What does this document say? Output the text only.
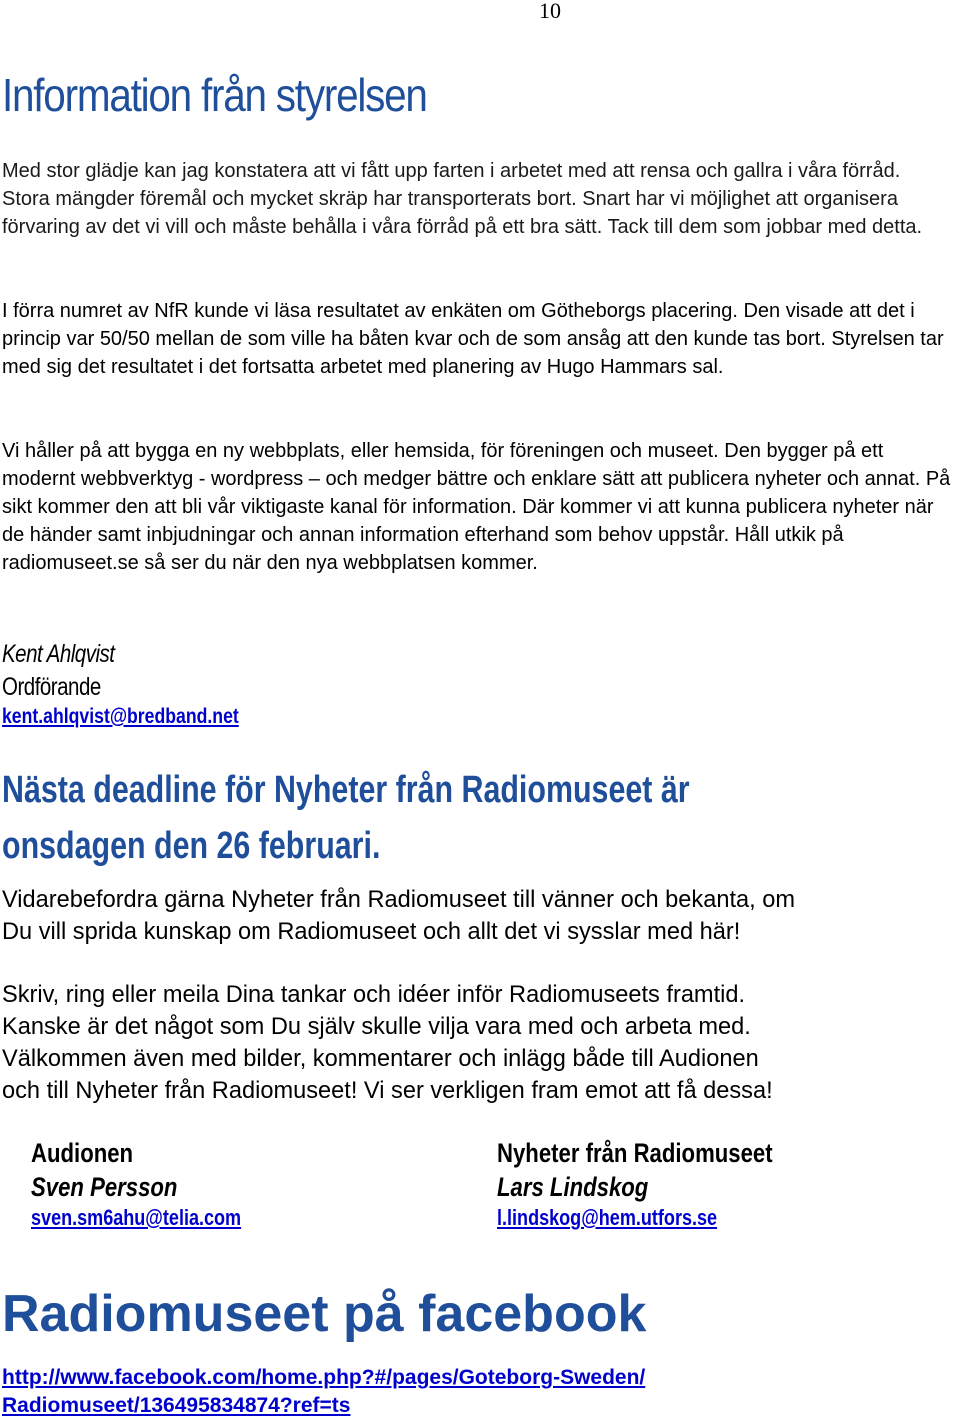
10
Information från styrelsen

Med stor glädje kan jag konstatera att vi fått upp farten i arbetet med att rensa och gallra i våra förråd. Stora mängder föremål och mycket skräp har transporterats bort. Snart har vi möjlighet att organisera förvaring av det vi vill och måste behålla i våra förråd på ett bra sätt. Tack till dem som jobbar med detta.

I förra numret av NfR kunde vi läsa resultatet av enkäten om Götheborgs placering. Den visade att det i princip var 50/50 mellan de som ville ha båten kvar och de som ansåg att den kunde tas bort. Styrelsen tar med sig det resultatet i det fortsatta arbetet med planering av Hugo Hammars sal.

Vi håller på att bygga en ny webbplats, eller hemsida, för föreningen och museet. Den bygger på ett modernt webbverktyg - wordpress – och medger bättre och enklare sätt att publicera nyheter och annat. På sikt kommer den att bli vår viktigaste kanal för information. Där kommer vi att kunna publicera nyheter när de händer samt inbjudningar och annan information efterhand som behov uppstår. Håll utkik på radiomuseet.se så ser du när den nya webbplatsen kommer.

Kent Ahlqvist
Ordförande
kent.ahlqvist@bredband.net
Nästa deadline för Nyheter från Radiomuseet är
onsdagen den 26 februari.

Vidarebefordra gärna Nyheter från Radiomuseet till vänner och bekanta, om
Du vill sprida kunskap om Radiomuseet och allt det vi sysslar med här!

Skriv, ring eller meila Dina tankar och idéer inför Radiomuseets framtid.
Kanske är det något som Du själv skulle vilja vara med och arbeta med.
Välkommen även med bilder, kommentarer och inlägg både till Audionen
och till Nyheter från Radiomuseet! Vi ser verkligen fram emot att få dessa!

Audionen
Sven Persson
sven.sm6ahu@telia.com
Nyheter från Radiomuseet
Lars Lindskog
l.lindskog@hem.utfors.se
Radiomuseet på facebook
http://www.facebook.com/home.php?#/pages/Goteborg-Sweden/
Radiomuseet/136495834874?ref=ts
